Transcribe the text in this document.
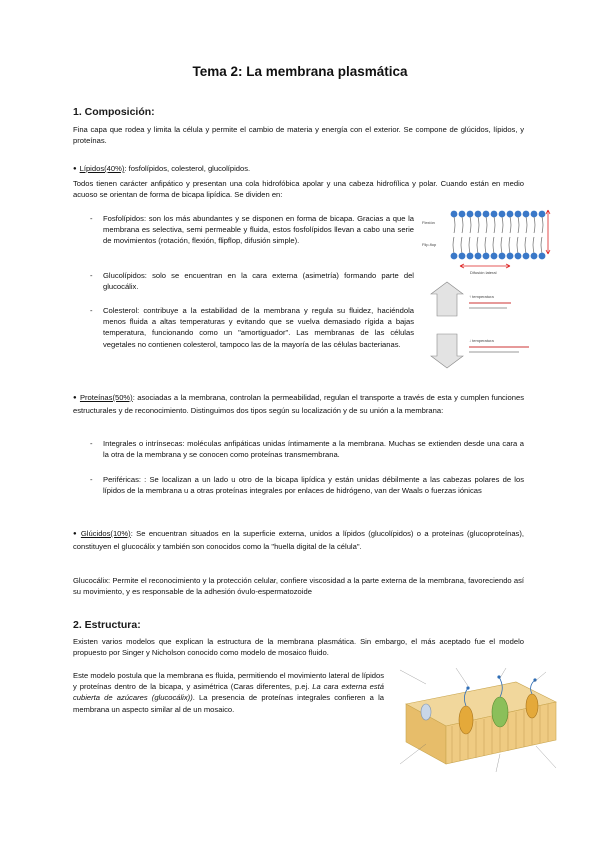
Tema 2: La membrana plasmática
1. Composición:
Fina capa que rodea y limita la célula y permite el cambio de materia y energía con el exterior. Se compone de glúcidos, lípidos, y proteínas.
● Lípidos(40%): fosfolípidos, colesterol, glucolípidos.
Todos tienen carácter anfipático y presentan una cola hidrofóbica apolar y una cabeza hidrofílica y polar. Cuando están en medio acuoso se orientan de forma de bicapa lipídica. Se dividen en:
- Fosfolípidos: son los más abundantes y se disponen en forma de bicapa. Gracias a que la membrana es selectiva, semi permeable y fluida, estos fosfolípidos llevan a cabo una serie de movimientos (rotación, flexión, flipflop, difusión simple).
- Glucolípidos: solo se encuentran en la cara externa (asimetría) formando parte del glucocálix.
- Colesterol: contribuye a la estabilidad de la membrana y regula su fluidez, haciéndola menos fluida a altas temperaturas y evitando que se vuelva demasiado rígida a bajas temperatura, funcionando como un "amortiguador". Las membranas de las células vegetales no contienen colesterol, tampoco las de la mayoría de las células bacterianas.
Difusión lateral
Flexión
Flip-flop
↑ temperatura
↓ temperatura
● Proteínas(50%): asociadas a la membrana, controlan la permeabilidad, regulan el transporte a través de esta y cumplen funciones estructurales y de reconocimiento. Distinguimos dos tipos según su localización y de su unión a la membrana:
- Integrales o intrínsecas: moléculas anfipáticas unidas íntimamente a la membrana. Muchas se extienden desde una cara a la otra de la membrana y se conocen como proteínas transmembrana.
- Periféricas: : Se localizan a un lado u otro de la bicapa lipídica y están unidas débilmente a las cabezas polares de los lípidos de la membrana u a otras proteínas integrales por enlaces de hidrógeno, van der Waals o fuerzas iónicas
● Glúcidos(10%): Se encuentran situados en la superficie externa, unidos a lípidos (glucolípidos) o a proteínas (glucoproteínas), constituyen el glucocálix y también son conocidos como la "huella digital de la célula".
Glucocálix: Permite el reconocimiento y la protección celular, confiere viscosidad a la parte externa de la membrana, favoreciendo así su movimiento, y es responsable de la adhesión óvulo-espermatozoide
2. Estructura:
Existen varios modelos que explican la estructura de la membrana plasmática. Sin embargo, el más aceptado fue el modelo propuesto por Singer y Nicholson conocido como modelo de mosaico fluido.
Este modelo postula que la membrana es fluida, permitiendo el movimiento lateral de lípidos y proteínas dentro de la bicapa, y asimétrica (Caras diferentes, p.ej. La cara externa está cubierta de azúcares (glucocálix)). La presencia de proteínas integrales confieren a la membrana un aspecto similar al de un mosaico.
